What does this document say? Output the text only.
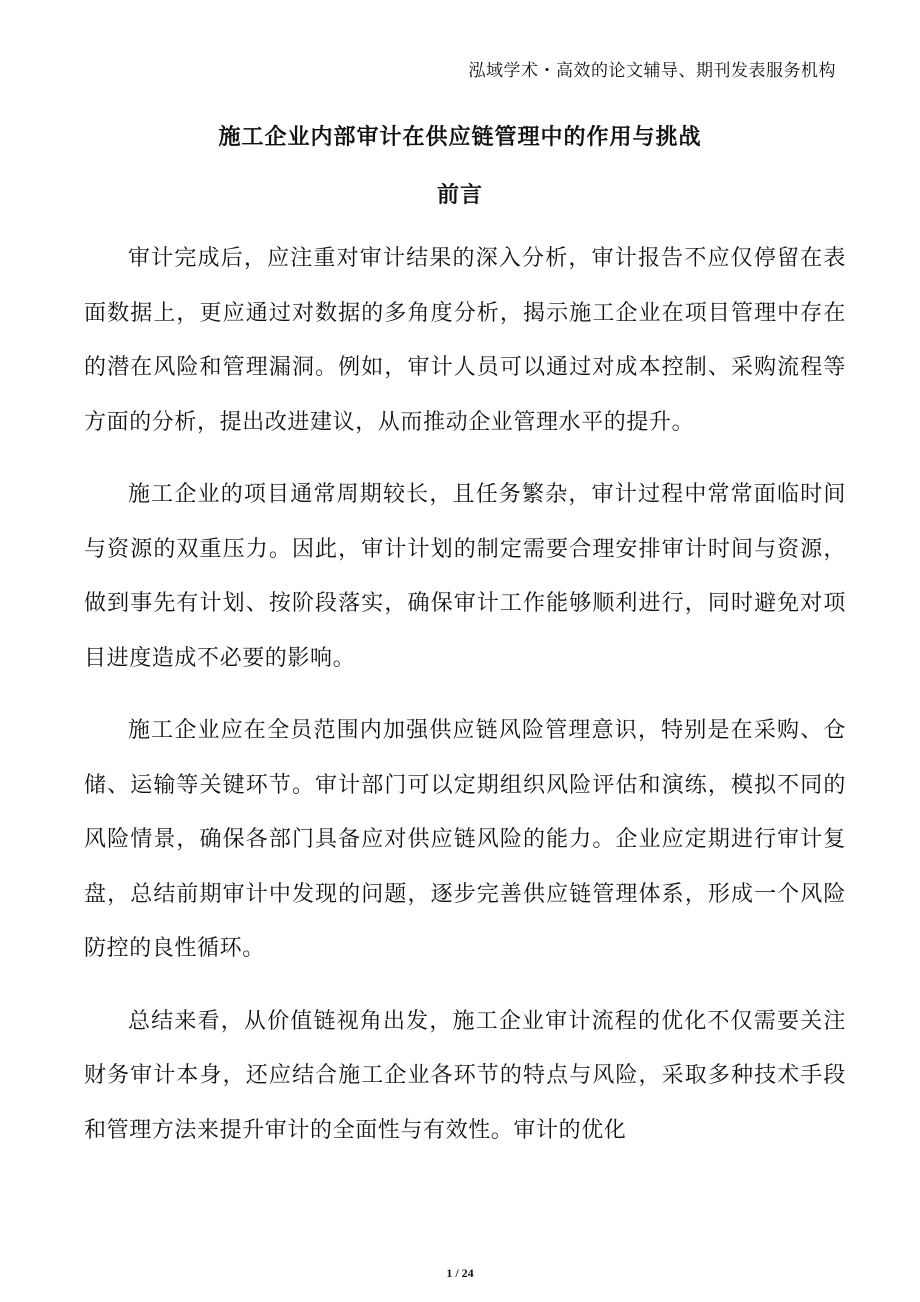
泓域学术・高效的论文辅导、期刊发表服务机构
施工企业内部审计在供应链管理中的作用与挑战
前言

审计完成后，应注重对审计结果的深入分析，审计报告不应仅停留在表面数据上，更应通过对数据的多角度分析，揭示施工企业在项目管理中存在的潜在风险和管理漏洞。例如，审计人员可以通过对成本控制、采购流程等方面的分析，提出改进建议，从而推动企业管理水平的提升。

施工企业的项目通常周期较长，且任务繁杂，审计过程中常常面临时间与资源的双重压力。因此，审计计划的制定需要合理安排审计时间与资源，做到事先有计划、按阶段落实，确保审计工作能够顺利进行，同时避免对项目进度造成不必要的影响。

施工企业应在全员范围内加强供应链风险管理意识，特别是在采购、仓储、运输等关键环节。审计部门可以定期组织风险评估和演练，模拟不同的风险情景，确保各部门具备应对供应链风险的能力。企业应定期进行审计复盘，总结前期审计中发现的问题，逐步完善供应链管理体系，形成一个风险防控的良性循环。

总结来看，从价值链视角出发，施工企业审计流程的优化不仅需要关注财务审计本身，还应结合施工企业各环节的特点与风险，采取多种技术手段和管理方法来提升审计的全面性与有效性。审计的优化

1 / 24
